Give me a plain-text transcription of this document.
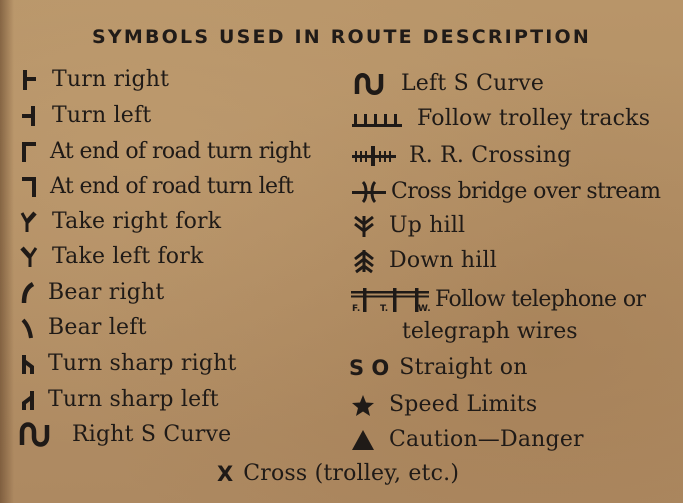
SYMBOLS USED IN ROUTE DESCRIPTION
Turn right
Turn left
At end of road turn right
At end of road turn left
Take right fork
Take left fork
Bear right
Bear left
Turn sharp right
Turn sharp left
Right S Curve
Left S Curve
Follow trolley tracks
R. R. Crossing
Cross bridge over stream
Up hill
Down hill
F. T.	W. Follow telephone or
telegraph wires
S O Straight on
Speed Limits
Caution—Danger
X Cross (trolley, etc.)
